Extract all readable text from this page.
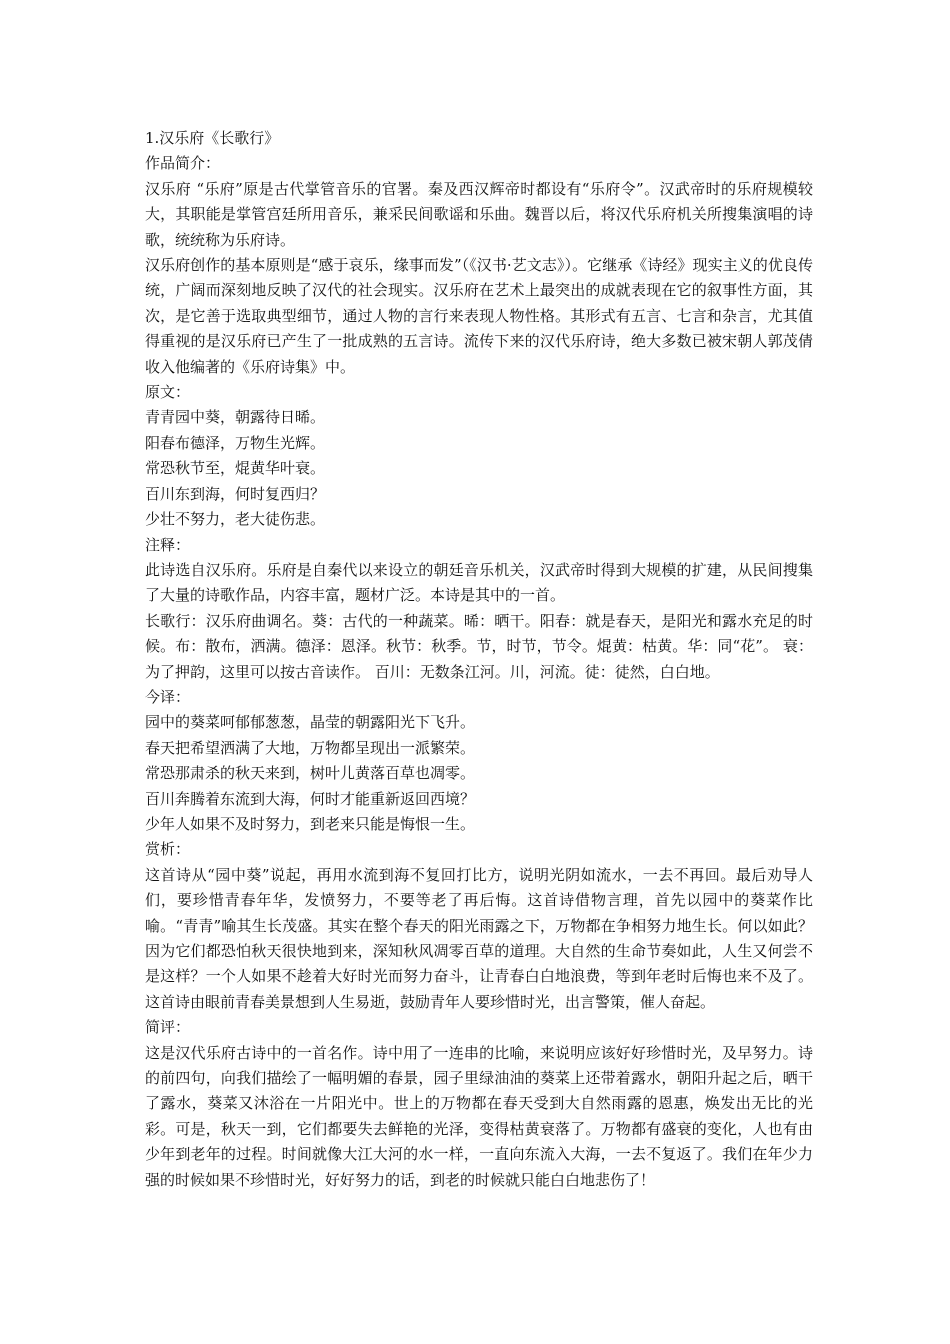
1.汉乐府《长歌行》

作品简介：

汉乐府 “乐府”原是古代掌管音乐的官署。秦及西汉辉帝时都设有“乐府令”。汉武帝时的乐府规模较大，其职能是掌管宫廷所用音乐，兼采民间歌谣和乐曲。魏晋以后，将汉代乐府机关所搜集演唱的诗歌，统统称为乐府诗。

汉乐府创作的基本原则是“感于哀乐，缘事而发”（《汉书·艺文志》）。它继承《诗经》现实主义的优良传统，广阔而深刻地反映了汉代的社会现实。汉乐府在艺术上最突出的成就表现在它的叙事性方面，其次，是它善于选取典型细节，通过人物的言行来表现人物性格。其形式有五言、七言和杂言，尤其值得重视的是汉乐府已产生了一批成熟的五言诗。流传下来的汉代乐府诗，绝大多数已被宋朝人郭茂倩收入他编著的《乐府诗集》中。

原文：

青青园中葵，朝露待日晞。

阳春布德泽，万物生光辉。

常恐秋节至，焜黄华叶衰。

百川东到海，何时复西归？

少壮不努力，老大徒伤悲。

注释：

此诗选自汉乐府。乐府是自秦代以来设立的朝廷音乐机关，汉武帝时得到大规模的扩建，从民间搜集了大量的诗歌作品，内容丰富，题材广泛。本诗是其中的一首。

长歌行：汉乐府曲调名。葵：古代的一种蔬菜。晞：晒干。阳春：就是春天，是阳光和露水充足的时候。布：散布，洒满。德泽：恩泽。秋节：秋季。节，时节，节令。焜黄：枯黄。华：同“花”。 衰：为了押韵，这里可以按古音读作。 百川：无数条江河。川，河流。徒：徒然，白白地。

今译：

园中的葵菜呵郁郁葱葱，晶莹的朝露阳光下飞升。

春天把希望洒满了大地，万物都呈现出一派繁荣。

常恐那肃杀的秋天来到，树叶儿黄落百草也凋零。

百川奔腾着东流到大海，何时才能重新返回西境？

少年人如果不及时努力，到老来只能是悔恨一生。

赏析：

这首诗从“园中葵”说起，再用水流到海不复回打比方，说明光阴如流水，一去不再回。最后劝导人们，要珍惜青春年华，发愤努力，不要等老了再后悔。这首诗借物言理，首先以园中的葵菜作比喻。“青青”喻其生长茂盛。其实在整个春天的阳光雨露之下，万物都在争相努力地生长。何以如此？因为它们都恐怕秋天很快地到来，深知秋风凋零百草的道理。大自然的生命节奏如此，人生又何尝不是这样？一个人如果不趁着大好时光而努力奋斗，让青春白白地浪费，等到年老时后悔也来不及了。这首诗由眼前青春美景想到人生易逝，鼓励青年人要珍惜时光，出言警策，催人奋起。

简评：

这是汉代乐府古诗中的一首名作。诗中用了一连串的比喻，来说明应该好好珍惜时光，及早努力。诗的前四句，向我们描绘了一幅明媚的春景，园子里绿油油的葵菜上还带着露水，朝阳升起之后，晒干了露水，葵菜又沐浴在一片阳光中。世上的万物都在春天受到大自然雨露的恩惠，焕发出无比的光彩。可是，秋天一到，它们都要失去鲜艳的光泽，变得枯黄衰落了。万物都有盛衰的变化，人也有由少年到老年的过程。时间就像大江大河的水一样，一直向东流入大海，一去不复返了。我们在年少力强的时候如果不珍惜时光，好好努力的话，到老的时候就只能白白地悲伤了！
